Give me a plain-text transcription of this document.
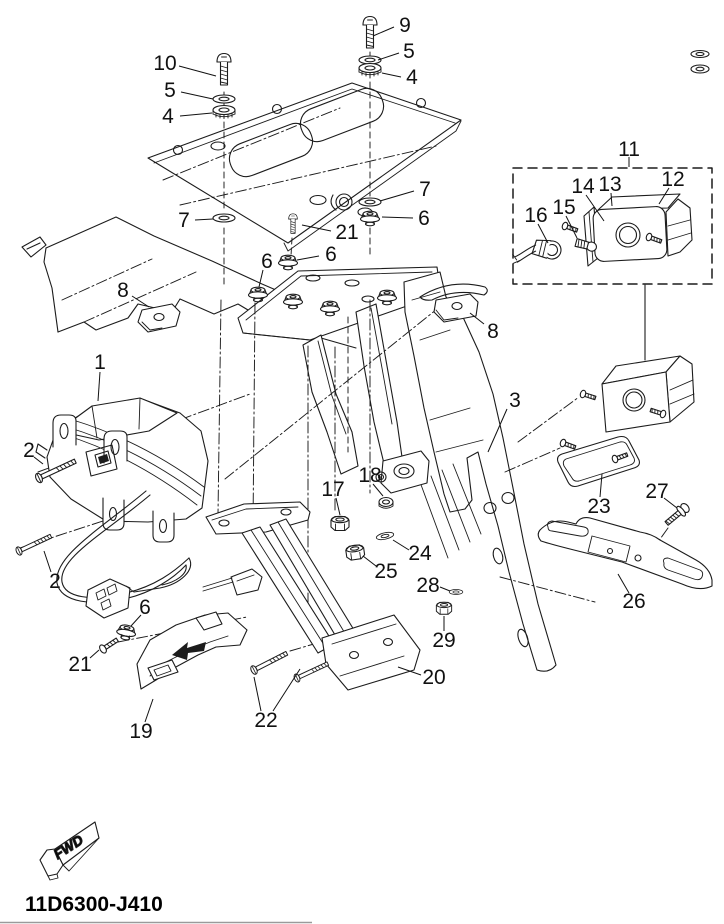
FWD
9
5
4
10
5
4
7
6
21
7
6 6
8
8
11
16 15
14 13 12
1
2
2
3
17
18
24
25
28
29
23
27
26
20
19
21
6
22
11D6300-J410
